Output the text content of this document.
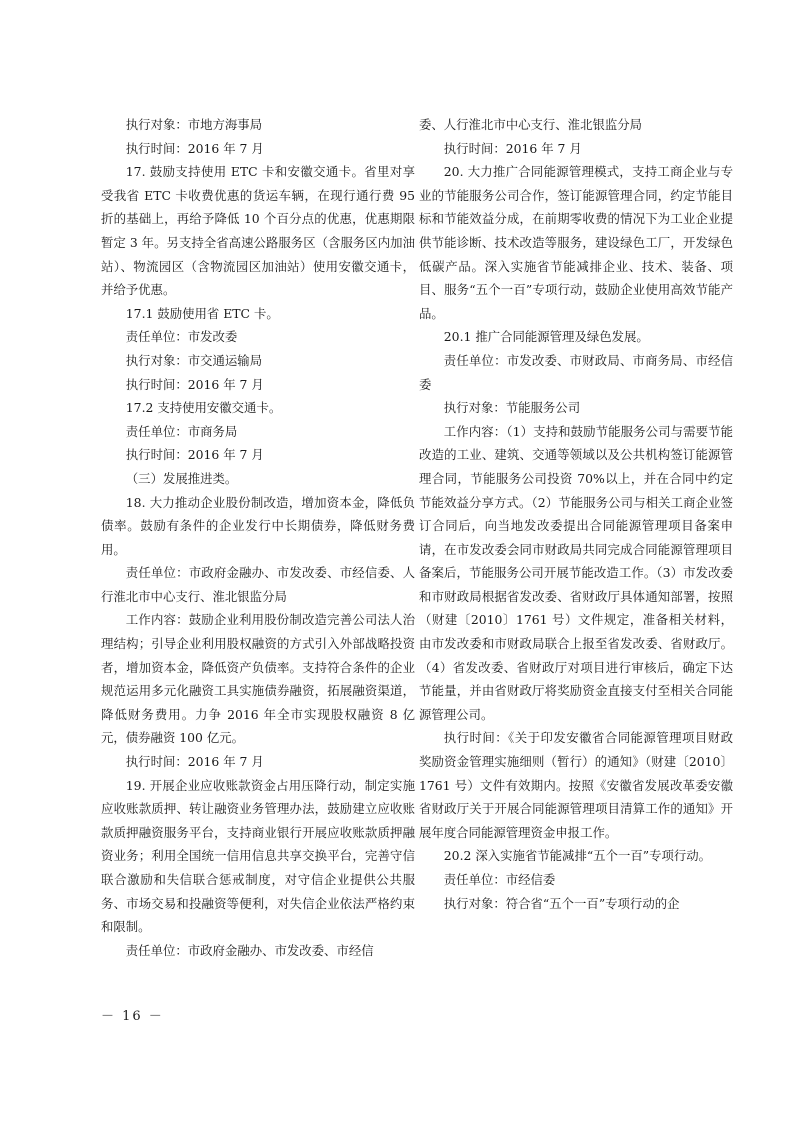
执行对象：市地方海事局

执行时间：2016 年 7 月

17. 鼓励支持使用 ETC 卡和安徽交通卡。省里对享受我省 ETC 卡收费优惠的货运车辆，在现行通行费 95 折的基础上，再给予降低 10 个百分点的优惠，优惠期限暂定 3 年。另支持全省高速公路服务区（含服务区内加油站）、物流园区（含物流园区加油站）使用安徽交通卡，并给予优惠。

17.1 鼓励使用省 ETC 卡。

责任单位：市发改委

执行对象：市交通运输局

执行时间：2016 年 7 月

17.2 支持使用安徽交通卡。

责任单位：市商务局

执行时间：2016 年 7 月

（三）发展推进类。

18. 大力推动企业股份制改造，增加资本金，降低负债率。鼓励有条件的企业发行中长期债券，降低财务费用。

责任单位：市政府金融办、市发改委、市经信委、人行淮北市中心支行、淮北银监分局

工作内容：鼓励企业利用股份制改造完善公司法人治理结构；引导企业利用股权融资的方式引入外部战略投资者，增加资本金，降低资产负债率。支持符合条件的企业规范运用多元化融资工具实施债券融资，拓展融资渠道，降低财务费用。力争 2016 年全市实现股权融资 8 亿元，债券融资 100 亿元。

执行时间：2016 年 7 月

19. 开展企业应收账款资金占用压降行动，制定实施应收账款质押、转让融资业务管理办法，鼓励建立应收账款质押融资服务平台，支持商业银行开展应收账款质押融资业务；利用全国统一信用信息共享交换平台，完善守信联合激励和失信联合惩戒制度，对守信企业提供公共服务、市场交易和投融资等便利，对失信企业依法严格约束和限制。

责任单位：市政府金融办、市发改委、市经信

委、人行淮北市中心支行、淮北银监分局

执行时间：2016 年 7 月

20. 大力推广合同能源管理模式，支持工商企业与专业的节能服务公司合作，签订能源管理合同，约定节能目标和节能效益分成，在前期零收费的情况下为工业企业提供节能诊断、技术改造等服务，建设绿色工厂，开发绿色低碳产品。深入实施省节能减排企业、技术、装备、项目、服务“五个一百”专项行动，鼓励企业使用高效节能产品。

20.1 推广合同能源管理及绿色发展。

责任单位：市发改委、市财政局、市商务局、市经信委

执行对象：节能服务公司

工作内容：（1）支持和鼓励节能服务公司与需要节能改造的工业、建筑、交通等领域以及公共机构签订能源管理合同，节能服务公司投资 70%以上，并在合同中约定节能效益分享方式。（2）节能服务公司与相关工商企业签订合同后，向当地发改委提出合同能源管理项目备案申请，在市发改委会同市财政局共同完成合同能源管理项目备案后，节能服务公司开展节能改造工作。（3）市发改委和市财政局根据省发改委、省财政厅具体通知部署，按照（财建〔2010〕1761 号）文件规定，准备相关材料，由市发改委和市财政局联合上报至省发改委、省财政厅。（4）省发改委、省财政厅对项目进行审核后，确定下达节能量，并由省财政厅将奖励资金直接支付至相关合同能源管理公司。

执行时间：《关于印发安徽省合同能源管理项目财政奖励资金管理实施细则（暂行）的通知》（财建〔2010〕1761 号）文件有效期内。按照《安徽省发展改革委安徽省财政厅关于开展合同能源管理项目清算工作的通知》开展年度合同能源管理资金申报工作。

20.2 深入实施省节能减排“五个一百”专项行动。

责任单位：市经信委

执行对象：符合省“五个一百”专项行动的企

－ 16 －
